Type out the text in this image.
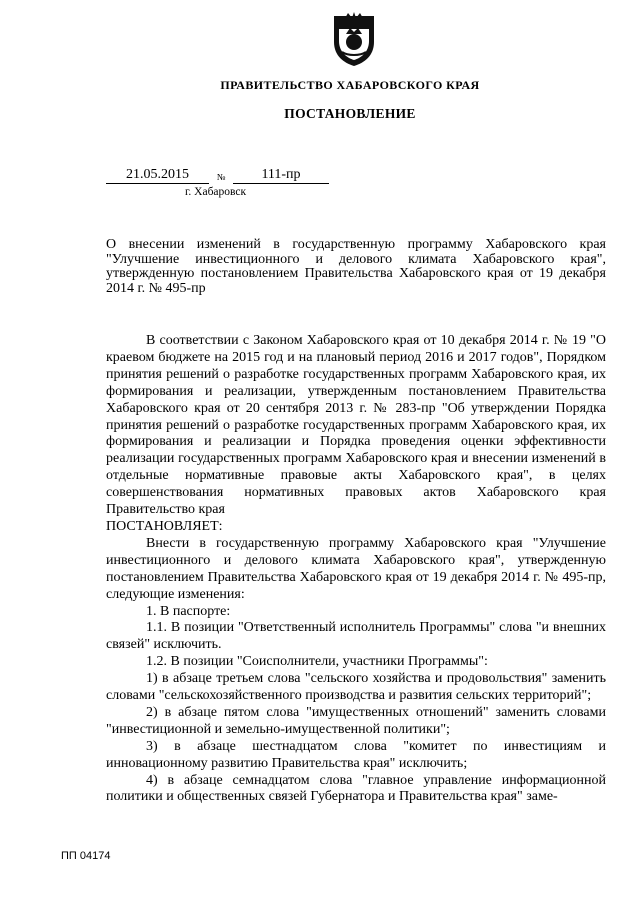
ПРАВИТЕЛЬСТВО ХАБАРОВСКОГО КРАЯ
ПОСТАНОВЛЕНИЕ
21.05.2015	№	111-пр
г. Хабаровск

О внесении изменений в государственную программу Хабаровского края "Улучшение инвестиционного и делового климата Хабаровского края", утвержденную постановлением Правительства Хабаровского края от 19 декабря 2014 г. № 495-пр

В соответствии с Законом Хабаровского края от 10 декабря 2014 г. № 19 "О краевом бюджете на 2015 год и на плановый период 2016 и 2017 годов", Порядком принятия решений о разработке государственных программ Хабаровского края, их формирования и реализации, утвержденным постановлением Правительства Хабаровского края от 20 сентября 2013 г. № 283-пр "Об утверждении Порядка принятия решений о разработке государственных программ Хабаровского края, их формирования и реализации и Порядка проведения оценки эффективности реализации государственных программ Хабаровского края и внесении изменений в отдельные нормативные правовые акты Хабаровского края", в целях совершенствования нормативных правовых актов Хабаровского края Правительство края

ПОСТАНОВЛЯЕТ:

Внести в государственную программу Хабаровского края "Улучшение инвестиционного и делового климата Хабаровского края", утвержденную постановлением Правительства Хабаровского края от 19 декабря 2014 г. № 495-пр, следующие изменения:

1. В паспорте:

1.1. В позиции "Ответственный исполнитель Программы" слова "и внешних связей" исключить.

1.2. В позиции "Соисполнители, участники Программы":

1) в абзаце третьем слова "сельского хозяйства и продовольствия" заменить словами "сельскохозяйственного производства и развития сельских территорий";

2) в абзаце пятом слова "имущественных отношений" заменить словами "инвестиционной и земельно-имущественной политики";

3) в абзаце шестнадцатом слова "комитет по инвестициям и инновационному развитию Правительства края" исключить;

4) в абзаце семнадцатом слова "главное управление информационной политики и общественных связей Губернатора и Правительства края" заме-

ПП 04174
